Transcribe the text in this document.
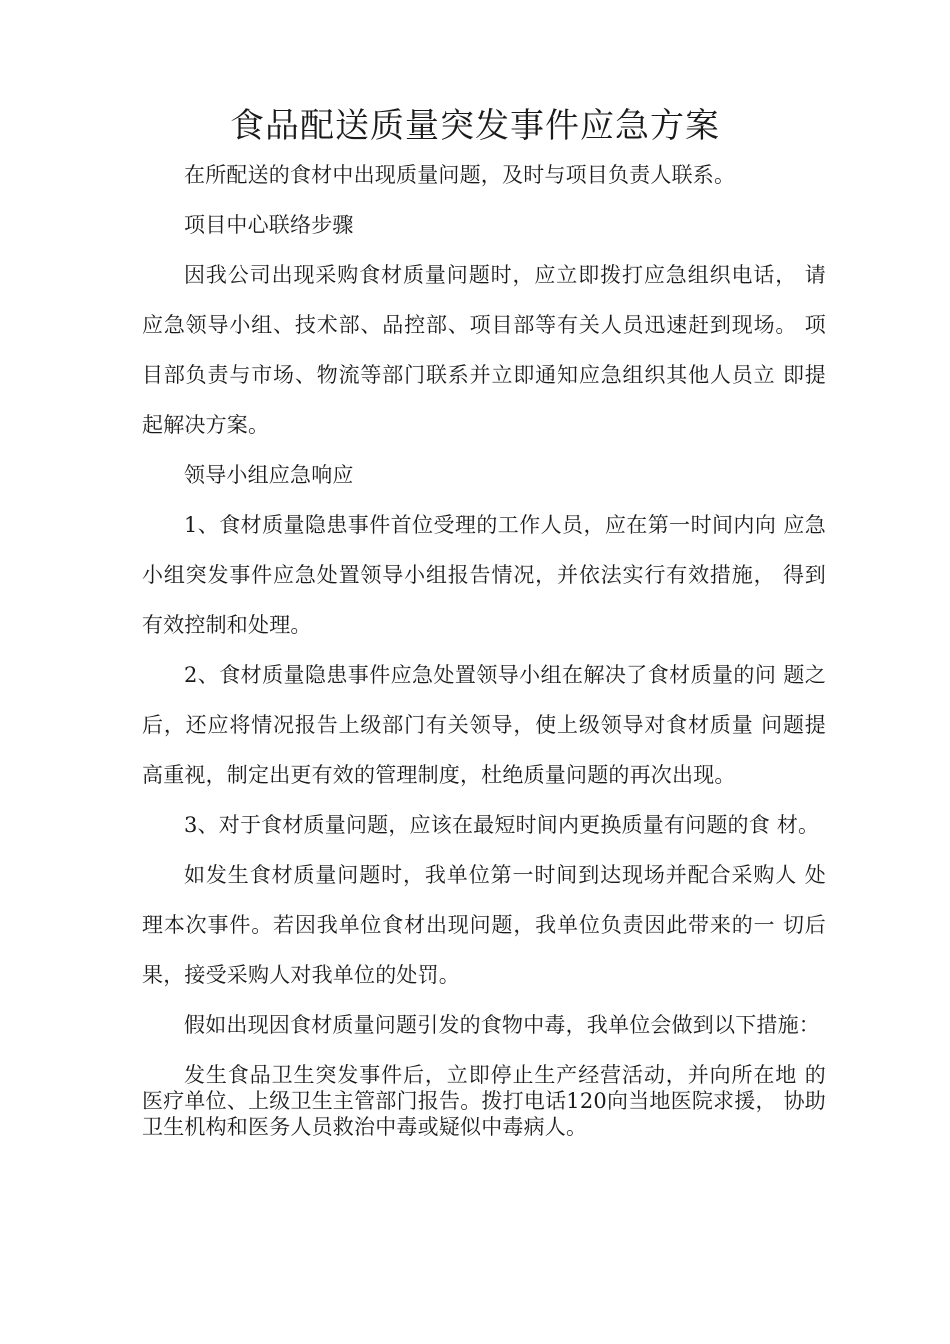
食品配送质量突发事件应急方案

在所配送的食材中出现质量问题，及时与项目负责人联系。

项目中心联络步骤

因我公司出现采购食材质量问题时，应立即拨打应急组织电话， 请应急领导小组、技术部、品控部、项目部等有关人员迅速赶到现场。 项目部负责与市场、物流等部门联系并立即通知应急组织其他人员立 即提起解决方案。

领导小组应急响应

1、食材质量隐患事件首位受理的工作人员，应在第一时间内向 应急小组突发事件应急处置领导小组报告情况，并依法实行有效措施， 得到有效控制和处理。

2、食材质量隐患事件应急处置领导小组在解决了食材质量的问 题之后，还应将情况报告上级部门有关领导，使上级领导对食材质量 问题提高重视，制定出更有效的管理制度，杜绝质量问题的再次出现。

3、对于食材质量问题，应该在最短时间内更换质量有问题的食 材。

如发生食材质量问题时，我单位第一时间到达现场并配合采购人 处理本次事件。若因我单位食材出现问题，我单位负责因此带来的一 切后果，接受采购人对我单位的处罚。

假如出现因食材质量问题引发的食物中毒，我单位会做到以下措施：

发生食品卫生突发事件后，立即停止生产经营活动，并向所在地 的医疗单位、上级卫生主管部门报告。拨打电话120向当地医院求援， 协助卫生机构和医务人员救治中毒或疑似中毒病人。
